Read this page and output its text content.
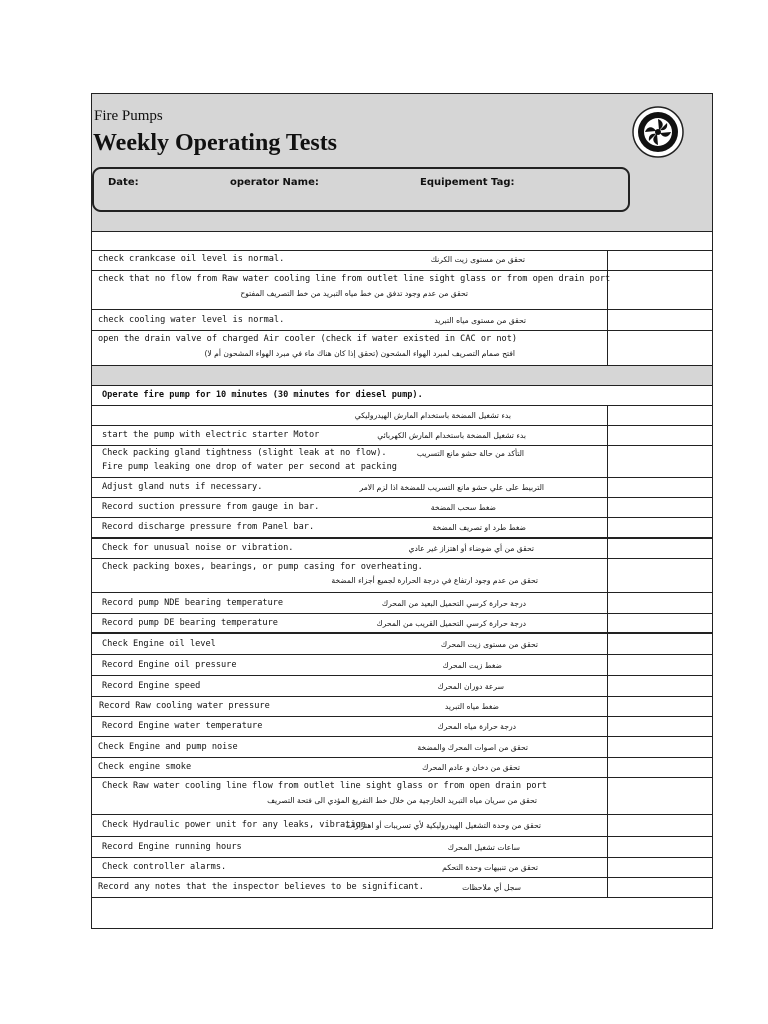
Fire Pumps
Weekly Operating Tests
Date:	operator Name:	Equipement Tag:
check crankcase oil level is normal.	تحقق من مستوى زيت الكرنك
check that no flow from Raw water cooling line from outlet line sight glass or from open drain port
تحقق من عدم وجود تدفق من خط مياه التبريد من خط التصريف المفتوح
check cooling water level is normal.	تحقق من مستوى مياه التبريد
open the drain valve of charged Air cooler (check if water existed in CAC or not)
افتح صمام التصريف لمبرد الهواء المشحون (تحقق إذا كان هناك ماء في مبرد الهواء المشحون أم لا)
Operate fire pump for 10 minutes (30 minutes for diesel pump).
بدء تشغيل المضخة باستخدام المارش الهيدروليكي
start the pump with electric starter Motor	بدء تشغيل المضخة باستخدام المارش الكهربائي
Check packing gland tightness (slight leak at no flow).
Fire pump leaking one drop of water per second at packing
التأكد من حالة حشو مانع التسريب
Adjust gland nuts if necessary.	التربيط على علي حشو مانع التسريب للمضخة اذا لزم الامر
Record suction pressure from gauge in bar.	ضغط سحب المضخة
Record discharge pressure from Panel bar.	ضغط طرد او تصريف المضخة
Check for unusual noise or vibration.	تحقق من أي ضوضاء أو اهتزاز غير عادي
Check packing boxes, bearings, or pump casing for overheating.
تحقق من عدم وجود ارتفاع في درجة الحرارة لجميع أجزاء المضخة
Record pump NDE bearing temperature	درجة حرارة كرسي التحميل البعيد من المحرك
Record pump DE bearing temperature	درجة حرارة كرسي التحميل القريب من المحرك
Check Engine oil level	تحقق من مستوى زيت المحرك
Record Engine oil pressure	ضغط زيت المحرك
Record Engine speed	سرعة دوران المحرك
Record Raw cooling water pressure	ضغط مياه التبريد
Record Engine water temperature	درجة حرارة مياه المحرك
Check Engine and pump noise	تحقق من اصوات المحرك والمضخة
Check engine smoke	تحقق من دخان و عادم المحرك
Check Raw water cooling line flow from outlet line sight glass or from open drain port
تحقق من سريان مياه التبريد الخارجية من خلال خط التفريغ المؤدي الى فتحة التصريف
Check Hydraulic power unit for any leaks, vibration
تحقق من وحدة التشغيل الهيدروليكية لأي تسريبات أو اهتزازات
Record Engine running hours	ساعات تشغيل المحرك
Check controller alarms.	تحقق من تنبيهات وحدة التحكم
Record any notes that the inspector believes to be significant.	سجل أي ملاحظات
